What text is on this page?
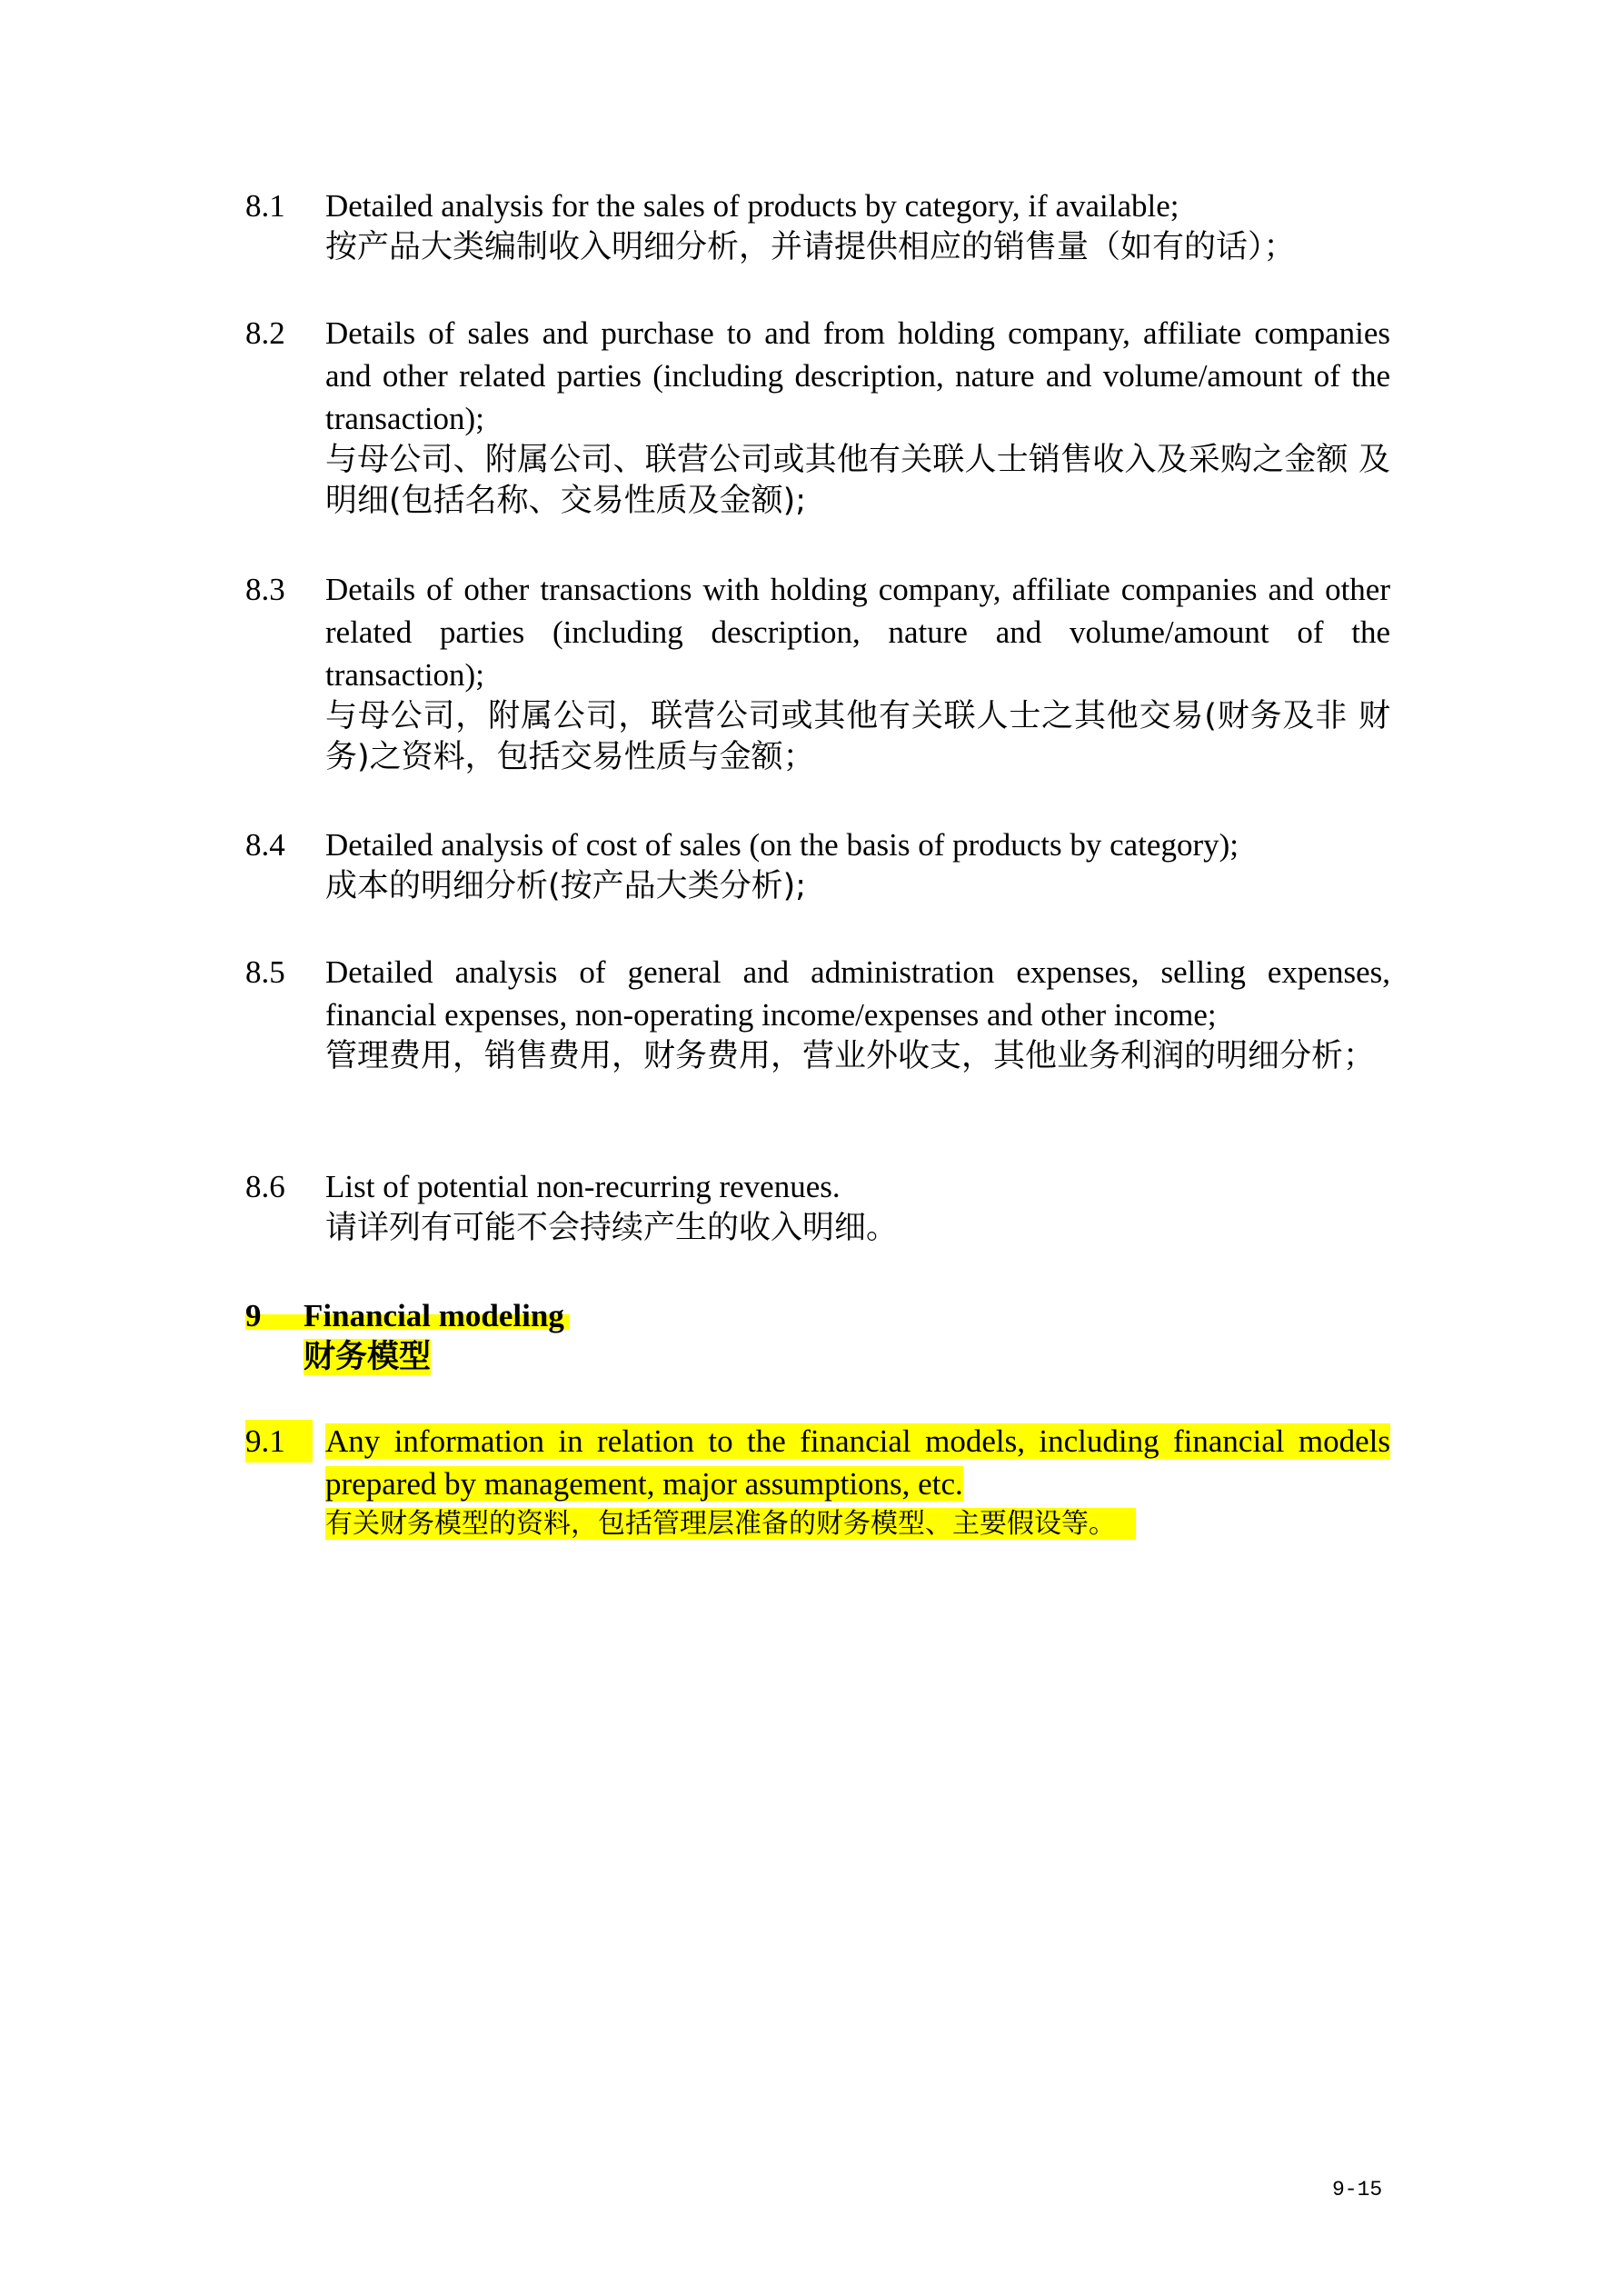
8.1 Detailed analysis for the sales of products by category, if available;

按产品大类编制收入明细分析，并请提供相应的销售量（如有的话）；

8.2 Details of sales and purchase to and from holding company, affiliate companies and other related parties (including description, nature and volume/amount of the transaction);

与母公司、附属公司、联营公司或其他有关联人士销售收入及采购之金额 及明细(包括名称、交易性质及金额);

8.3 Details of other transactions with holding company, affiliate companies and other related parties (including description, nature and volume/amount of the transaction);

与母公司，附属公司，联营公司或其他有关联人士之其他交易(财务及非 财务)之资料，包括交易性质与金额；

8.4 Detailed analysis of cost of sales (on the basis of products by category);

成本的明细分析(按产品大类分析);

8.5 Detailed analysis of general and administration expenses, selling expenses, financial expenses, non-operating income/expenses and other income;

管理费用，销售费用，财务费用，营业外收支，其他业务利润的明细分析；

8.6 List of potential non-recurring revenues.

请详列有可能不会持续产生的收入明细。

9 Financial modeling
财务模型
9.1	Any information in relation to the financial models, including financial models prepared by management, major assumptions, etc.

有关财务模型的资料，包括管理层准备的财务模型、主要假设等。

9-15
